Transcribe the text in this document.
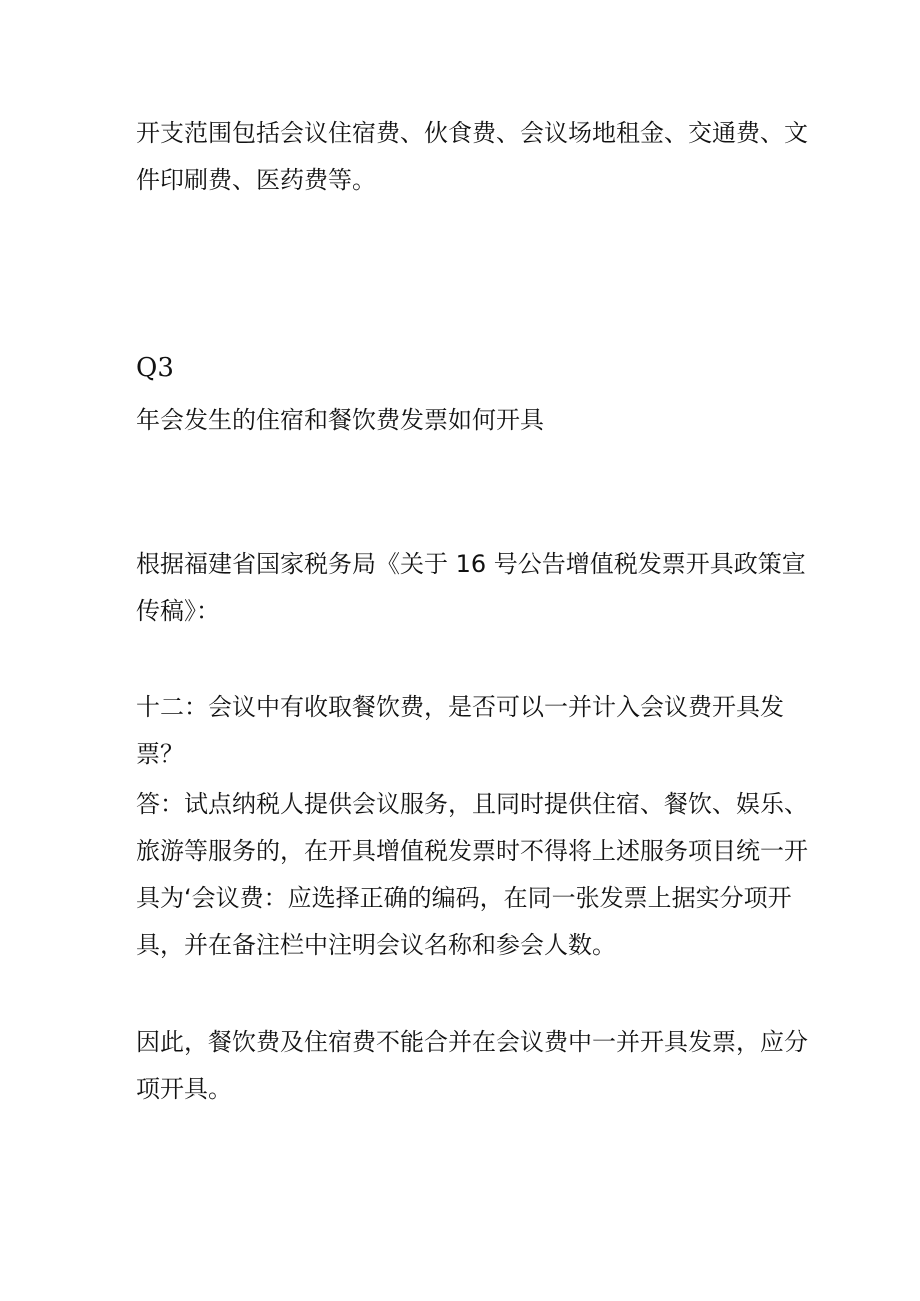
开支范围包括会议住宿费、伙食费、会议场地租金、交通费、文件印刷费、医药费等。
Q3
年会发生的住宿和餐饮费发票如何开具
根据福建省国家税务局《关于 16 号公告增值税发票开具政策宣传稿》：
十二：会议中有收取餐饮费，是否可以一并计入会议费开具发票？
答：试点纳税人提供会议服务，且同时提供住宿、餐饮、娱乐、旅游等服务的，在开具增值税发票时不得将上述服务项目统一开具为‘会议费：应选择正确的编码，在同一张发票上据实分项开具，并在备注栏中注明会议名称和参会人数。
因此，餐饮费及住宿费不能合并在会议费中一并开具发票，应分项开具。
